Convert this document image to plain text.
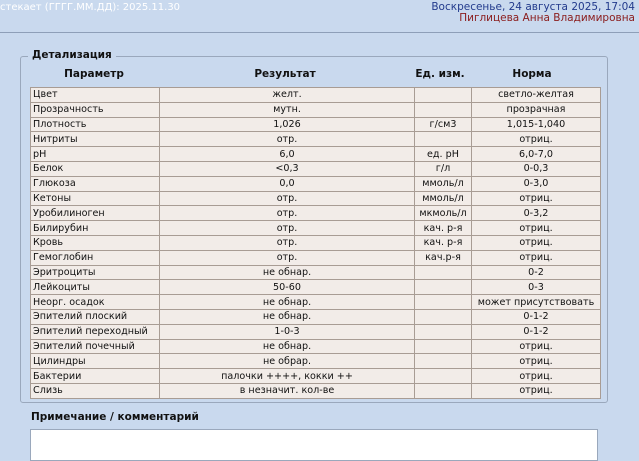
стекает (ГГГГ.ММ.ДД): 2025.11.30	Воскресенье, 24 августа 2025, 17:04
Пиглицева Анна Владимировна
Детализация
Параметр	Результат	Ед. изм.	Норма
Цвет	желт.		светло-желтая
Прозрачность	мутн.		прозрачная
Плотность	1,026	г/см3	1,015-1,040
Нитриты	отр.		отриц.
pH	6,0	ед. pH	6,0-7,0
Белок	<0,3	г/л	0-0,3
Глюкоза	0,0	ммоль/л	0-3,0
Кетоны	отр.	ммоль/л	отриц.
Уробилиноген	отр.	мкмоль/л	0-3,2
Билирубин	отр.	кач. р-я	отриц.
Кровь	отр.	кач. р-я	отриц.
Гемоглобин	отр.	кач.р-я	отриц.
Эритроциты	не обнар.		0-2
Лейкоциты	50-60		0-3
Неорг. осадок	не обнар.		может присутствовать
Эпителий плоский	не обнар.		0-1-2
Эпителий переходный	1-0-3		0-1-2
Эпителий почечный	не обнар.		отриц.
Цилиндры	не обрар.		отриц.
Бактерии	палочки ++++, кокки ++		отриц.
Слизь	в незначит. кол-ве		отриц.
Примечание / комментарий
